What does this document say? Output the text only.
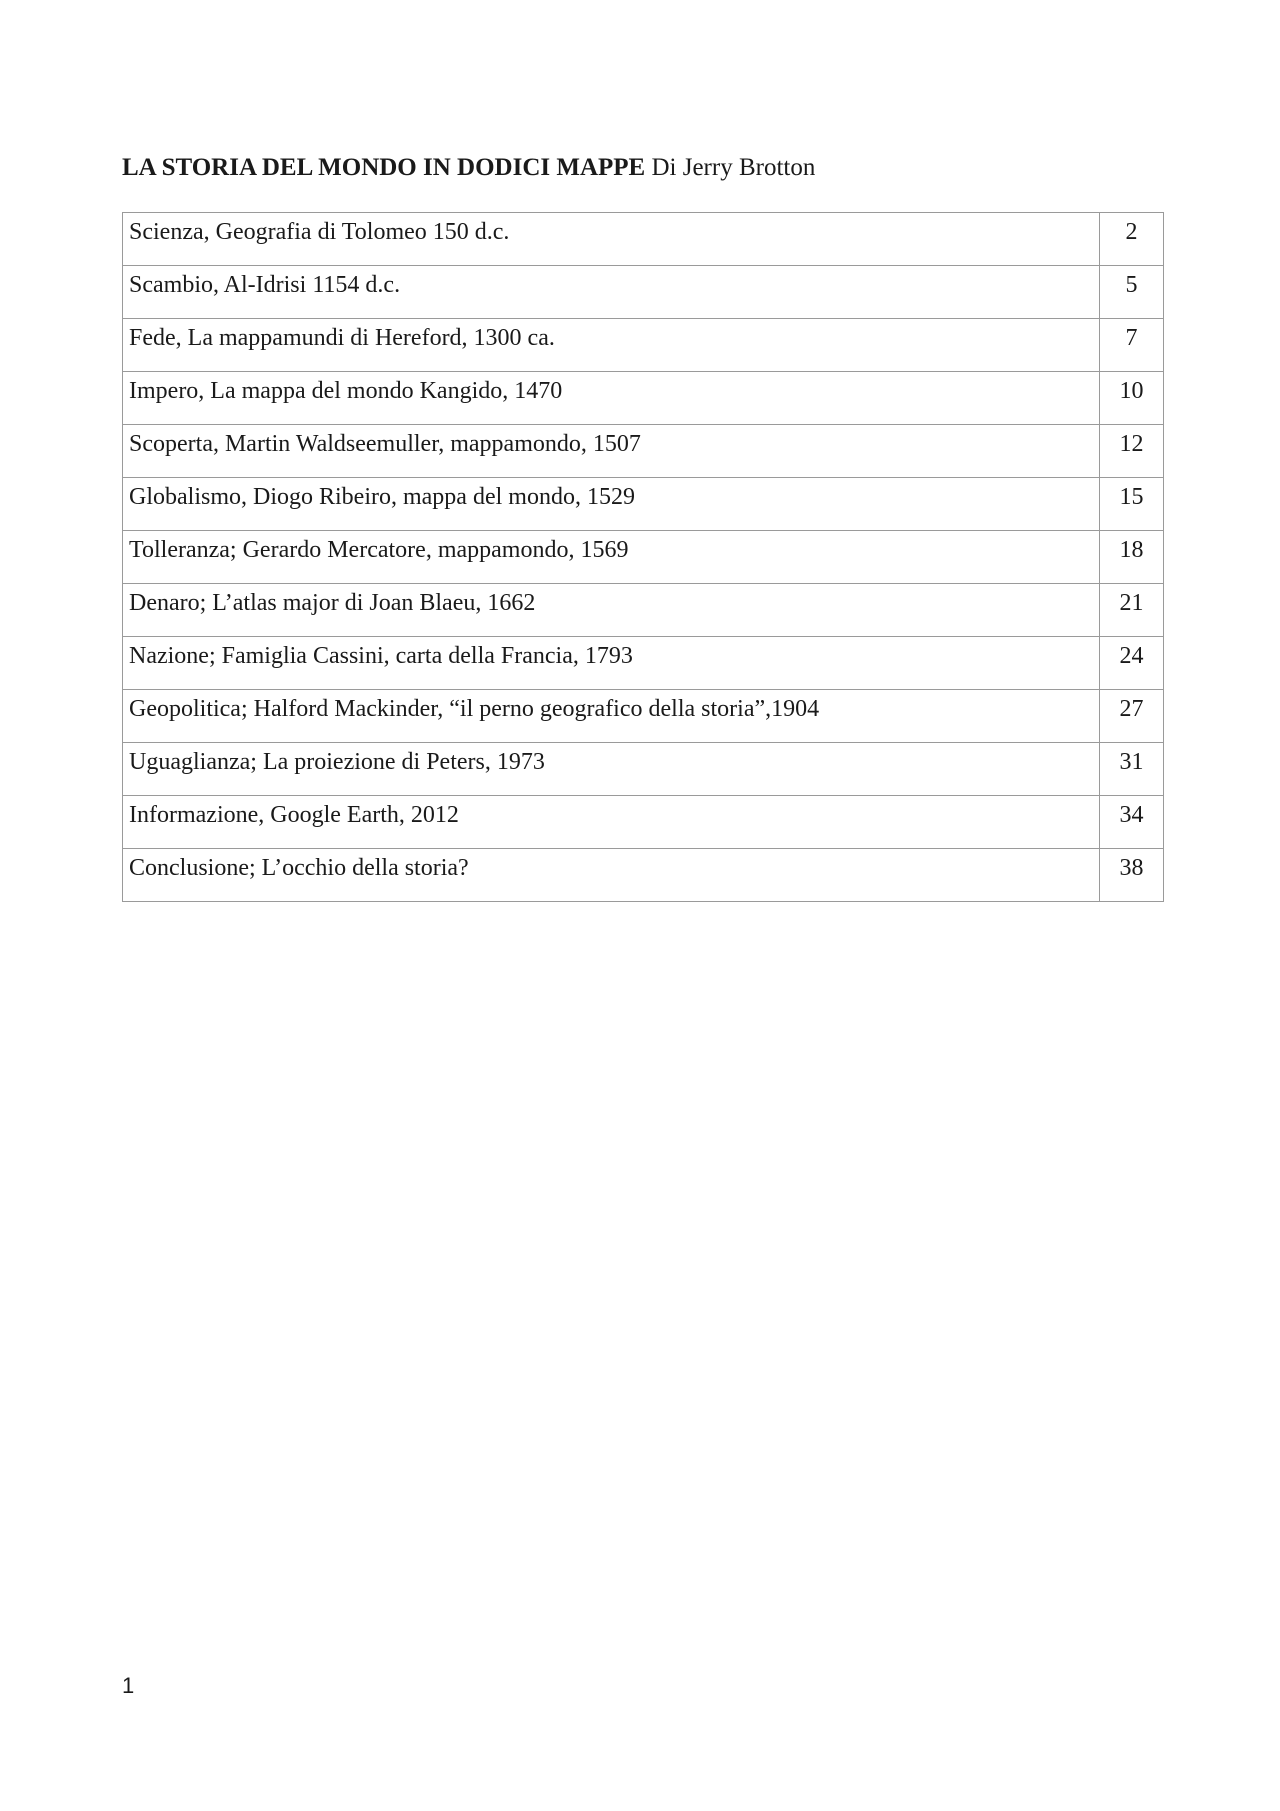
LA STORIA DEL MONDO IN DODICI MAPPE Di Jerry Brotton
Scienza, Geografia di Tolomeo 150 d.c.	2
Scambio, Al-Idrisi 1154 d.c.	5
Fede, La mappamundi di Hereford, 1300 ca.	7
Impero, La mappa del mondo Kangido, 1470	10
Scoperta, Martin Waldseemuller, mappamondo, 1507	12
Globalismo, Diogo Ribeiro, mappa del mondo, 1529	15
Tolleranza; Gerardo Mercatore, mappamondo, 1569	18
Denaro; L’atlas major di Joan Blaeu, 1662	21
Nazione; Famiglia Cassini, carta della Francia, 1793	24
Geopolitica; Halford Mackinder, “il perno geografico della storia”,1904	27
Uguaglianza; La proiezione di Peters, 1973	31
Informazione, Google Earth, 2012	34
Conclusione; L’occhio della storia?	38
1
